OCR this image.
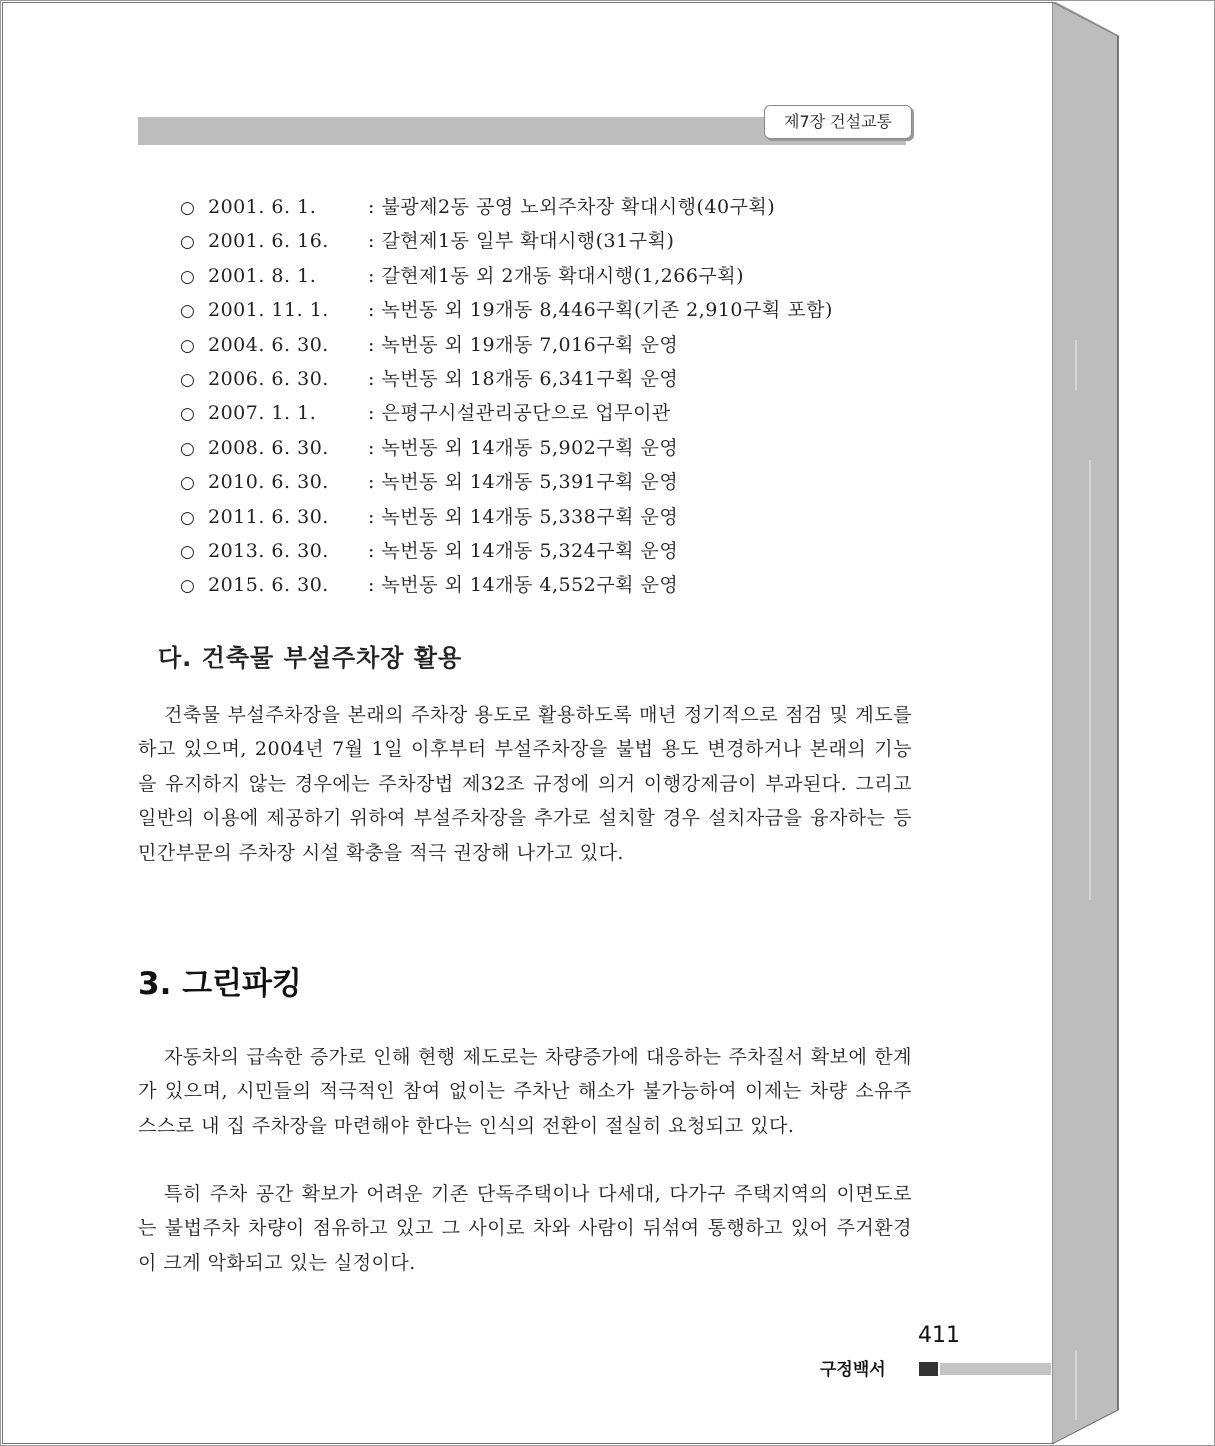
제7장 건설교통
○ 2001. 6. 1.	: 불광제2동 공영 노외주차장 확대시행(40구획)
○ 2001. 6. 16. : 갈현제1동 일부 확대시행(31구획)
○ 2001. 8. 1.	: 갈현제1동 외 2개동 확대시행(1,266구획)
○ 2001. 11. 1. : 녹번동 외 19개동 8,446구획(기존 2,910구획 포함)
○ 2004. 6. 30. : 녹번동 외 19개동 7,016구획 운영
○ 2006. 6. 30. : 녹번동 외 18개동 6,341구획 운영
○ 2007. 1. 1.	: 은평구시설관리공단으로 업무이관
○ 2008. 6. 30. : 녹번동 외 14개동 5,902구획 운영
○ 2010. 6. 30. : 녹번동 외 14개동 5,391구획 운영
○ 2011. 6. 30. : 녹번동 외 14개동 5,338구획 운영
○ 2013. 6. 30. : 녹번동 외 14개동 5,324구획 운영
○ 2015. 6. 30. : 녹번동 외 14개동 4,552구획 운영
다. 건축물 부설주차장 활용

건축물 부설주차장을 본래의 주차장 용도로 활용하도록 매년 정기적으로 점검 및 계도를 하고 있으며, 2004년 7월 1일 이후부터 부설주차장을 불법 용도 변경하거나 본래의 기능을 유지하지 않는 경우에는 주차장법 제32조 규정에 의거 이행강제금이 부과된다. 그리고 일반의 이용에 제공하기 위하여 부설주차장을 추가로 설치할 경우 설치자금을 융자하는 등 민간부문의 주차장 시설 확충을 적극 권장해 나가고 있다.

3. 그린파킹

자동차의 급속한 증가로 인해 현행 제도로는 차량증가에 대응하는 주차질서 확보에 한계가 있으며, 시민들의 적극적인 참여 없이는 주차난 해소가 불가능하여 이제는 차량 소유주 스스로 내 집 주차장을 마련해야 한다는 인식의 전환이 절실히 요청되고 있다.

특히 주차 공간 확보가 어려운 기존 단독주택이나 다세대, 다가구 주택지역의 이면도로는 불법주차 차량이 점유하고 있고 그 사이로 차와 사람이 뒤섞여 통행하고 있어 주거환경이 크게 악화되고 있는 실정이다.

411
구정백서
